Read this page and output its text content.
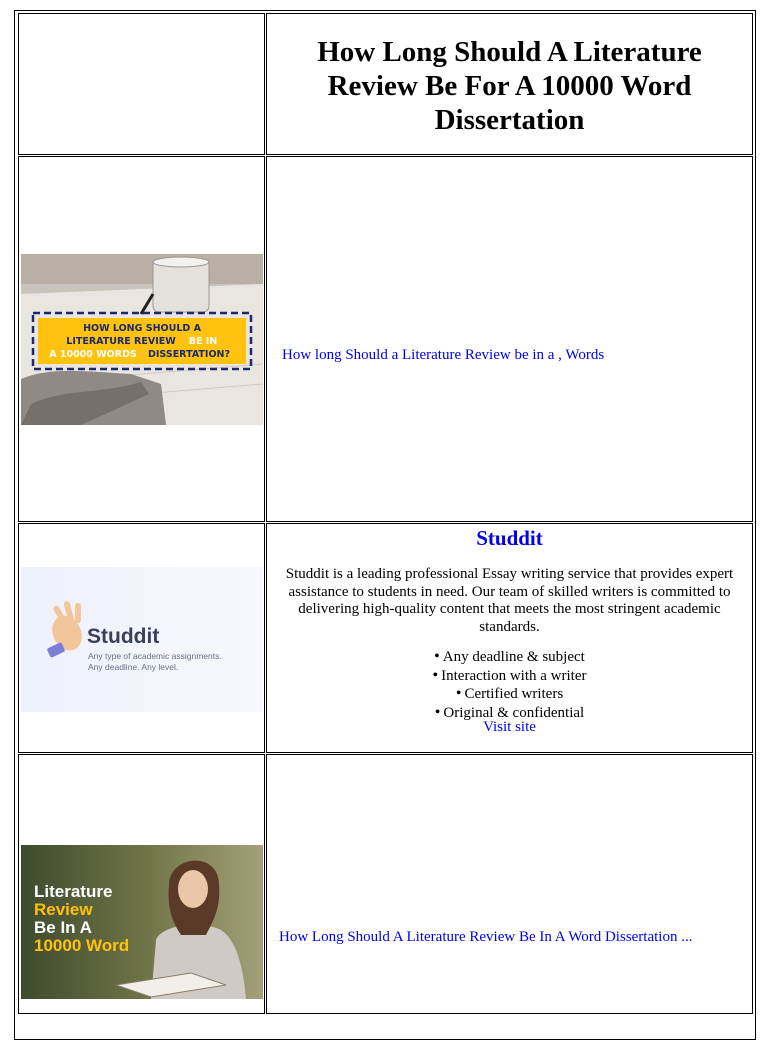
How Long Should A Literature Review Be For A 10000 Word Dissertation
HOW LONG SHOULD A
LITERATURE REVIEW BE IN
A 10000 WORDS DISSERTATION?	How long Should a Literature Review be in a , Words
Studdit
Any type of academic assignments.
Any deadline. Any level.
Studdit

Studdit is a leading professional Essay writing service that provides expert assistance to students in need. Our team of skilled writers is committed to delivering high-quality content that meets the most stringent academic standards.

• Any deadline & subject
• Interaction with a writer
• Certified writers
• Original & confidential
Visit site
Literature
Review
Be In A
10000 Word	How Long Should A Literature Review Be In A Word Dissertation ...
